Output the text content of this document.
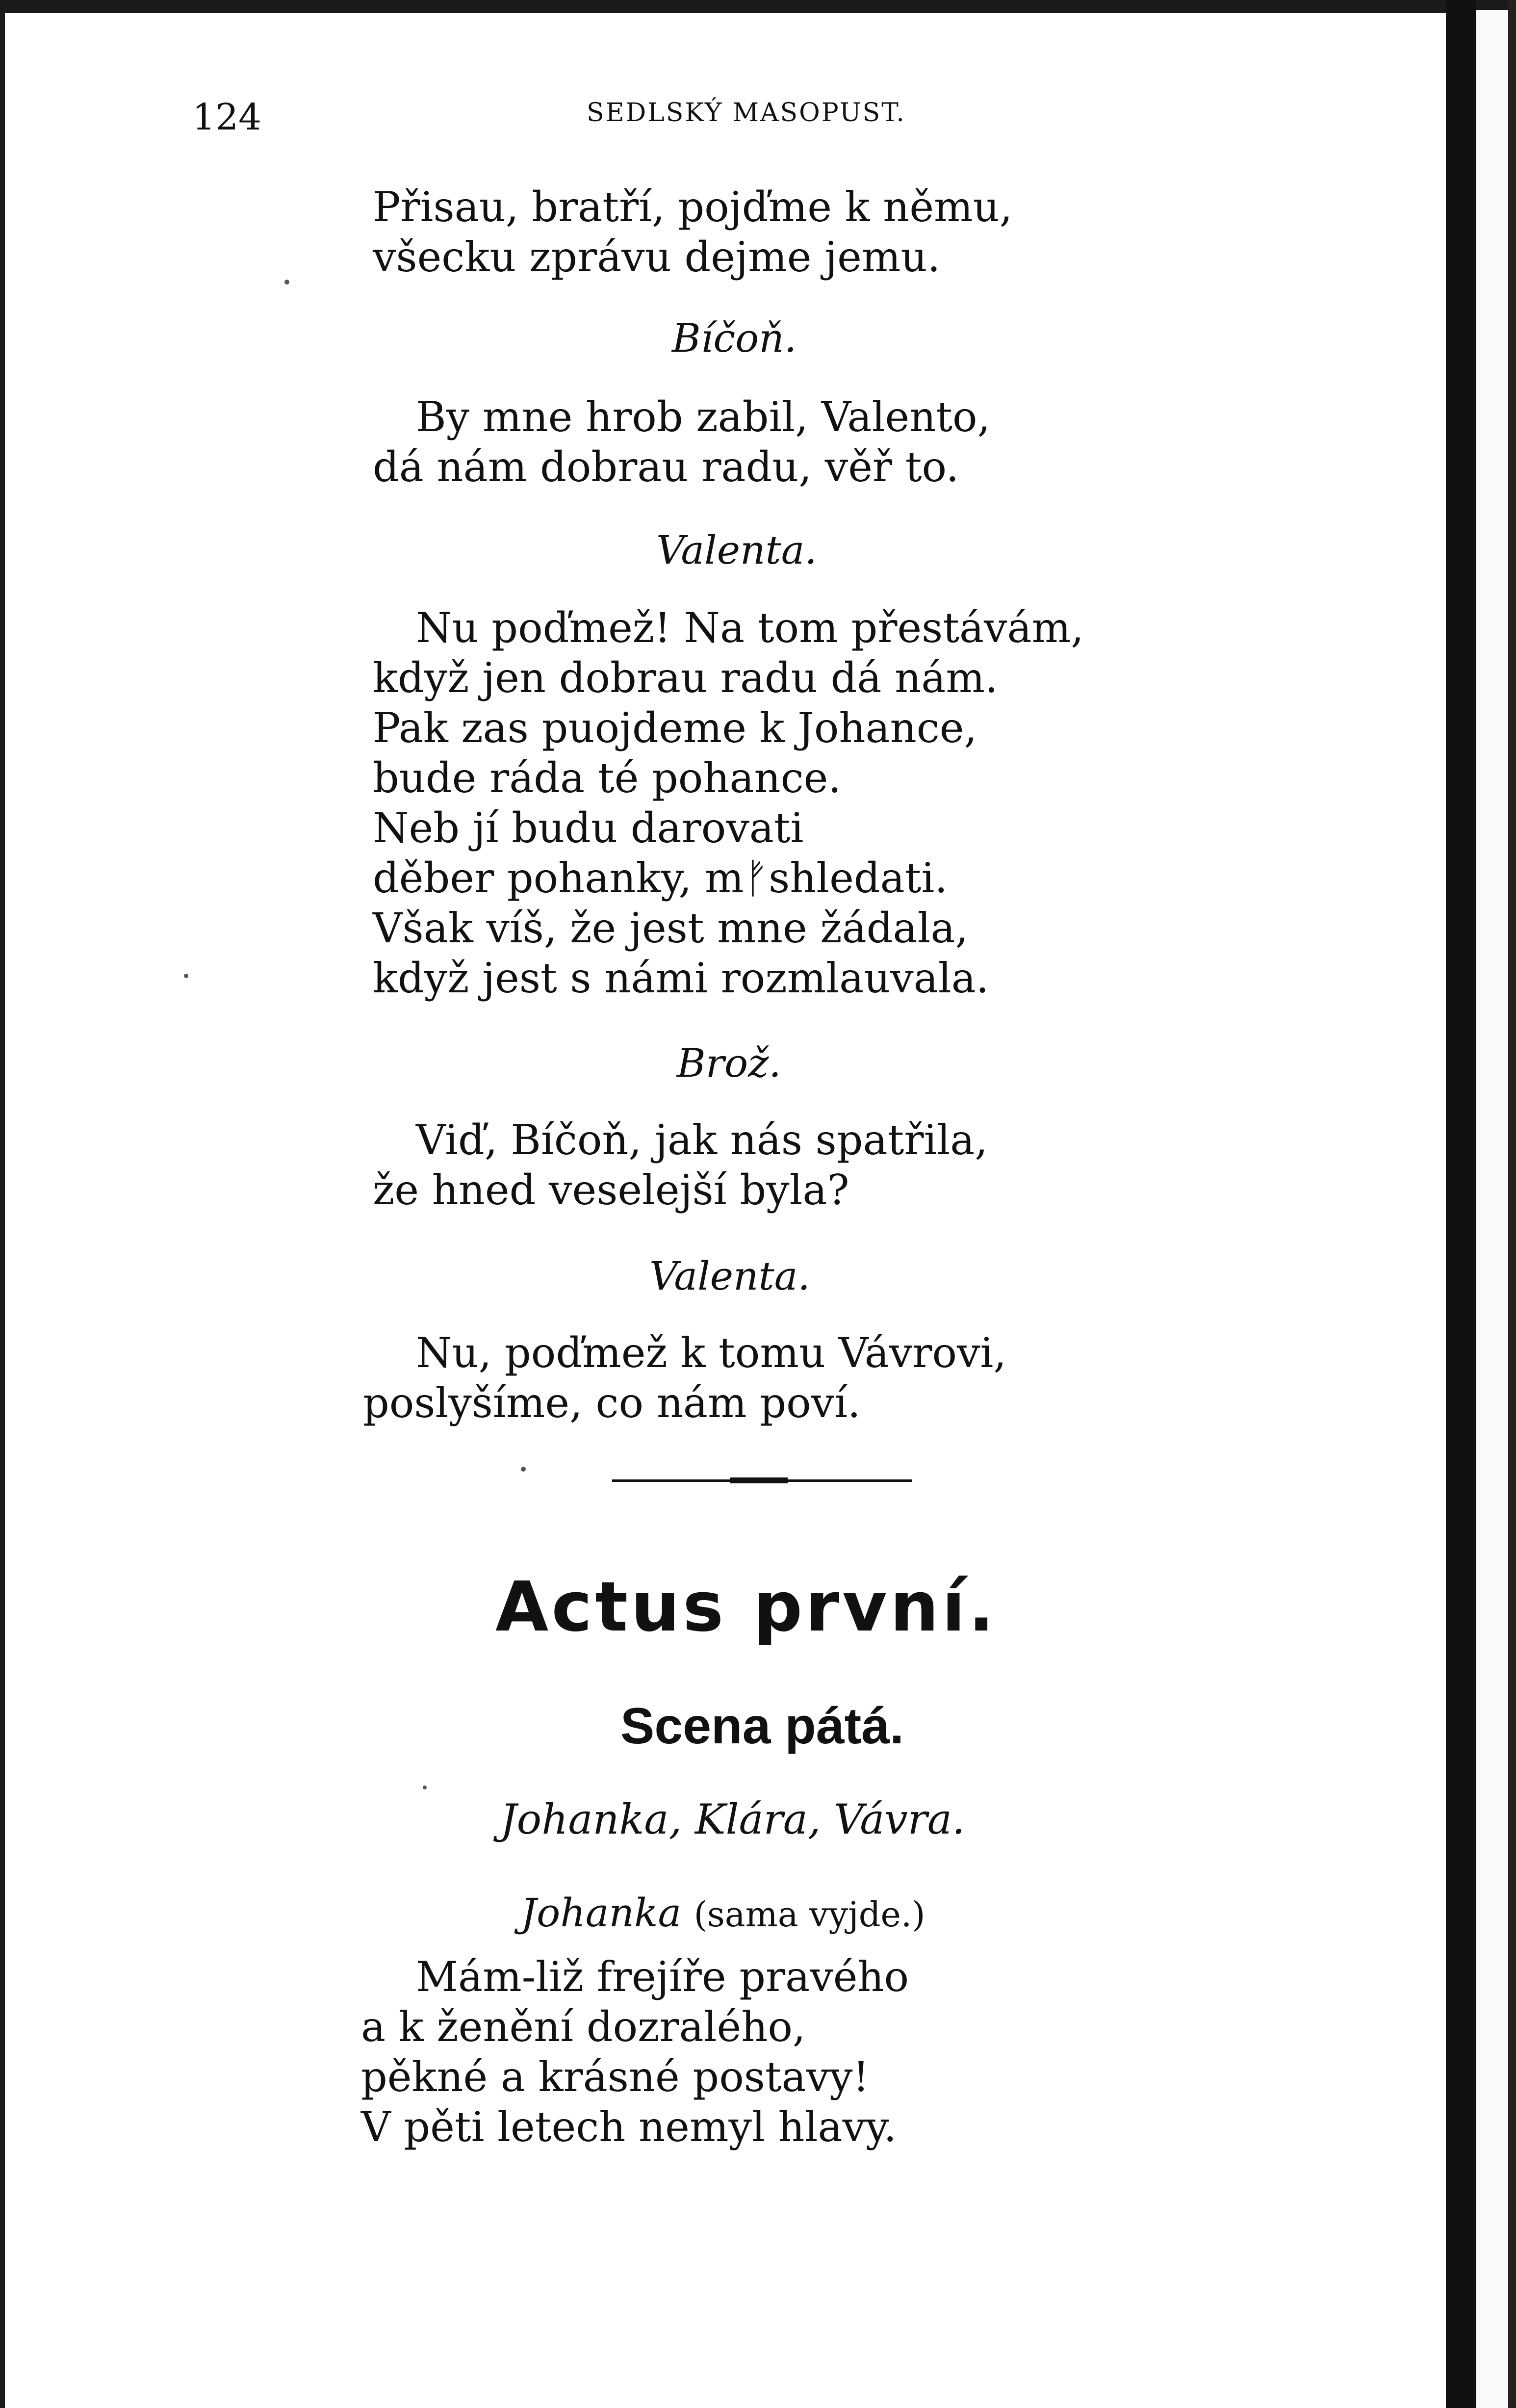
124	SEDLSKÝ MASOPUST.
Přisau, bratří, pojďme k němu,
všecku zprávu dejme jemu.
Bíčoň.
By mne hrob zabil, Valento,
dá nám dobrau radu, věř to.
Valenta.
Nu poďmež! Na tom přestávám,
když jen dobrau radu dá nám.
Pak zas puojdeme k Johance,
bude ráda té pohance.
Neb jí budu darovati
děber pohanky, mᚠshledati.
Však víš, že jest mne žádala,
když jest s námi rozmlauvala.
Brož.
Viď, Bíčoň, jak nás spatřila,
že hned veselejší byla?
Valenta.
Nu, poďmež k tomu Vávrovi,
poslyšíme, co nám poví.
Actus první.
Scena pátá.
Johanka, Klára, Vávra.
Johanka (sama vyjde.)
Mám-liž frejíře pravého
a k ženění dozralého,
pěkné a krásné postavy!
V pěti letech nemyl hlavy.
